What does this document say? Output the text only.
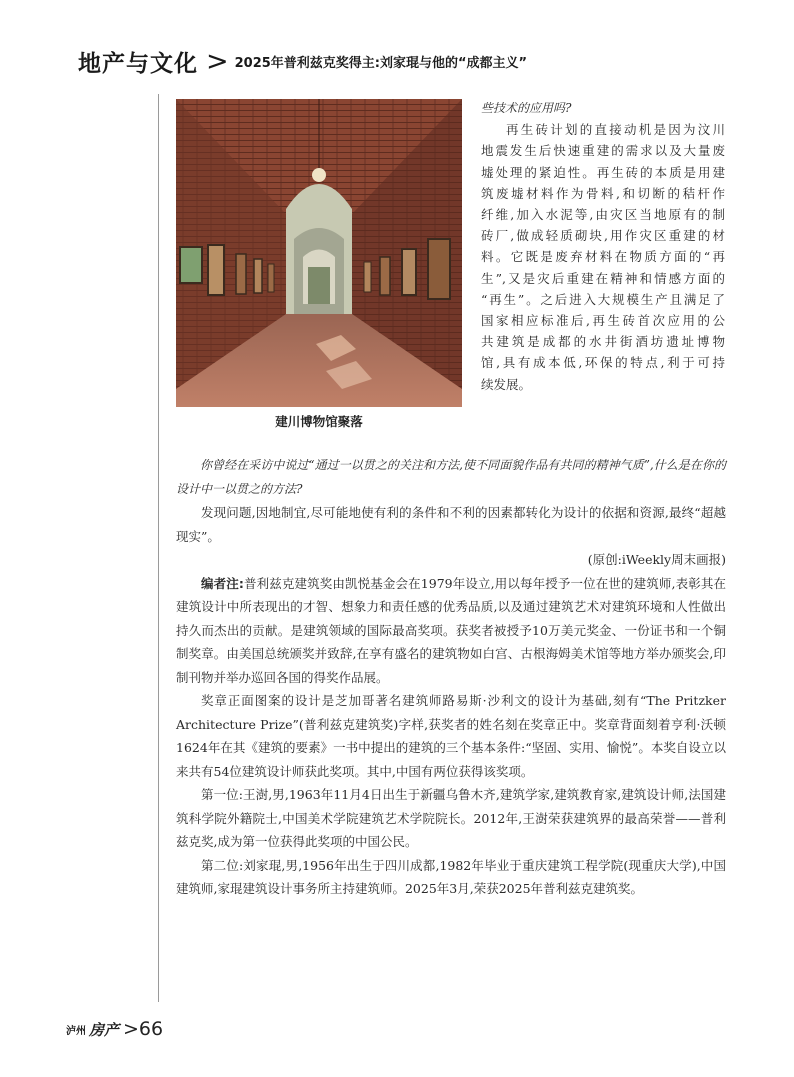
地产与文化 > 2025年普利兹克奖得主:刘家琨与他的“成都主义”
建川博物馆聚落

些技术的应用吗?

再生砖计划的直接动机是因为汶川

地震发生后快速重建的需求以及大量废

墟处理的紧迫性。再生砖的本质是用建

筑废墟材料作为骨料,和切断的秸杆作

纤维,加入水泥等,由灾区当地原有的制

砖厂,做成轻质砌块,用作灾区重建的材

料。它既是废弃材料在物质方面的“再

生”,又是灾后重建在精神和情感方面的

“再生”。之后进入大规模生产且满足了

国家相应标准后,再生砖首次应用的公

共建筑是成都的水井街酒坊遗址博物

馆,具有成本低,环保的特点,利于可持

续发展。

你曾经在采访中说过“通过一以贯之的关注和方法,使不同面貌作品有共同的精神气质”,什么是在你的设计中一以贯之的方法?

发现问题,因地制宜,尽可能地使有利的条件和不利的因素都转化为设计的依据和资源,最终“超越现实”。

(原创:iWeekly周末画报)

编者注:普利兹克建筑奖由凯悦基金会在1979年设立,用以每年授予一位在世的建筑师,表彰其在建筑设计中所表现出的才智、想象力和责任感的优秀品质,以及通过建筑艺术对建筑环境和人性做出持久而杰出的贡献。是建筑领域的国际最高奖项。获奖者被授予10万美元奖金、一份证书和一个铜制奖章。由美国总统颁奖并致辞,在享有盛名的建筑物如白宫、古根海姆美术馆等地方举办颁奖会,印制刊物并举办巡回各国的得奖作品展。

奖章正面图案的设计是芝加哥著名建筑师路易斯·沙利文的设计为基础,刻有“The Pritzker Architecture Prize”(普利兹克建筑奖)字样,获奖者的姓名刻在奖章正中。奖章背面刻着亨利·沃顿1624年在其《建筑的要素》一书中提出的建筑的三个基本条件:“坚固、实用、愉悦”。本奖自设立以来共有54位建筑设计师获此奖项。其中,中国有两位获得该奖项。

第一位:王澍,男,1963年11月4日出生于新疆乌鲁木齐,建筑学家,建筑教育家,建筑设计师,法国建筑科学院外籍院士,中国美术学院建筑艺术学院院长。2012年,王澍荣获建筑界的最高荣誉——普利兹克奖,成为第一位获得此奖项的中国公民。

第二位:刘家琨,男,1956年出生于四川成都,1982年毕业于重庆建筑工程学院(现重庆大学),中国建筑师,家琨建筑设计事务所主持建筑师。2025年3月,荣获2025年普利兹克建筑奖。

泸州 房产 >66
